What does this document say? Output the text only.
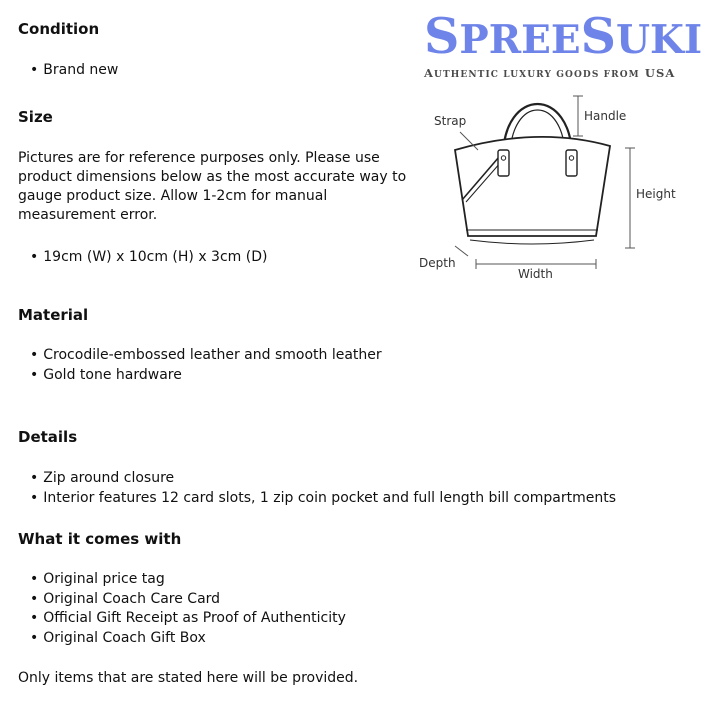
SPREESUKI
AUTHENTIC LUXURY GOODS FROM USA
Strap	Handle
Height
Depth
Width
Condition
• Brand new
Size

Pictures are for reference purposes only. Please use product dimensions below as the most accurate way to gauge product size. Allow 1-2cm for manual measurement error.

• 19cm (W) x 10cm (H) x 3cm (D)
Material
• Crocodile-embossed leather and smooth leather
• Gold tone hardware
Details
• Zip around closure
• Interior features 12 card slots, 1 zip coin pocket and full length bill compartments
What it comes with
• Original price tag
• Original Coach Care Card
• Official Gift Receipt as Proof of Authenticity
• Original Coach Gift Box

Only items that are stated here will be provided.
